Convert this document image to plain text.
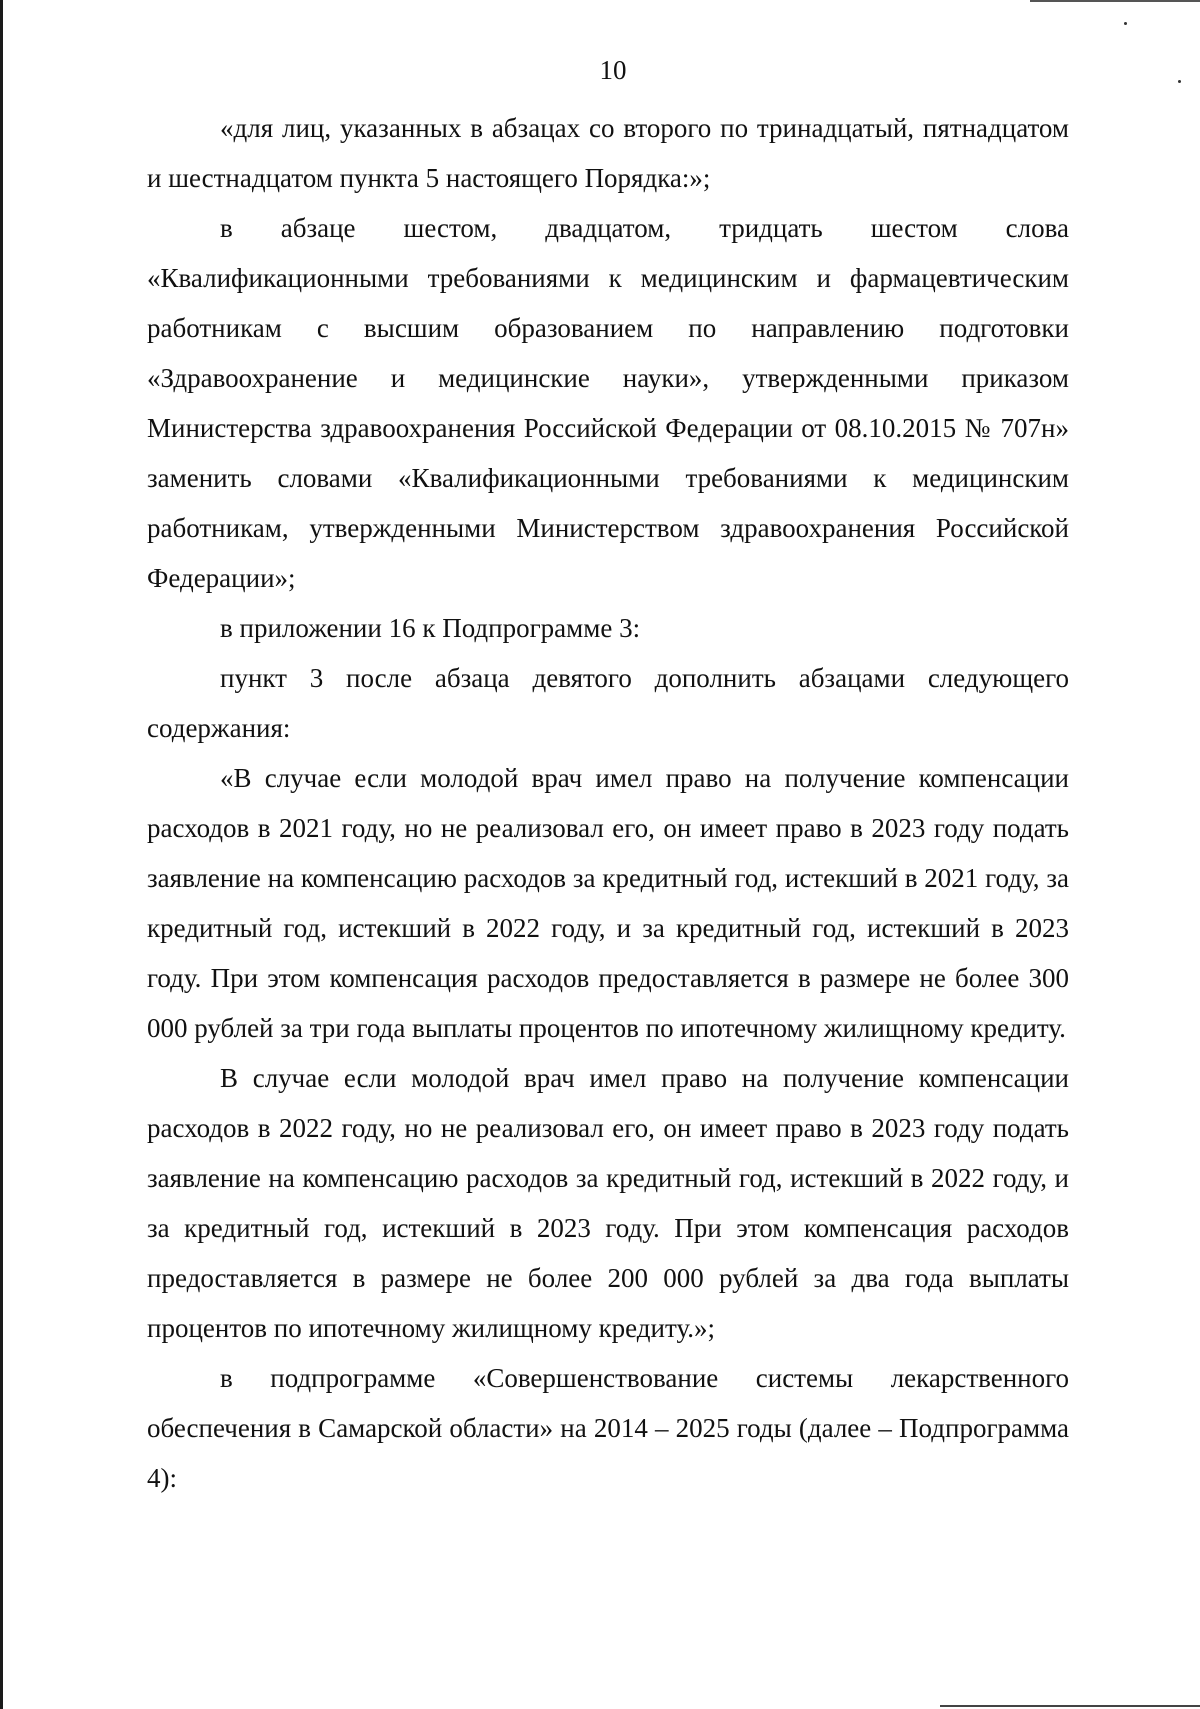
10

«для лиц, указанных в абзацах со второго по тринадцатый, пятнадцатом и шестнадцатом пункта 5 настоящего Порядка:»;

в абзаце шестом, двадцатом, тридцать шестом слова «Квалификационными требованиями к медицинским и фармацевтическим работникам с высшим образованием по направлению подготовки «Здравоохранение и медицинские науки», утвержденными приказом Министерства здравоохранения Российской Федерации от 08.10.2015 № 707н» заменить словами «Квалификационными требованиями к медицинским работникам, утвержденными Министерством здравоохранения Российской Федерации»;

в приложении 16 к Подпрограмме 3:

пункт 3 после абзаца девятого дополнить абзацами следующего содержания:

«В случае если молодой врач имел право на получение компенсации расходов в 2021 году, но не реализовал его, он имеет право в 2023 году подать заявление на компенсацию расходов за кредитный год, истекший в 2021 году, за кредитный год, истекший в 2022 году, и за кредитный год, истекший в 2023 году. При этом компенсация расходов предоставляется в размере не более 300 000 рублей за три года выплаты процентов по ипотечному жилищному кредиту.

В случае если молодой врач имел право на получение компенсации расходов в 2022 году, но не реализовал его, он имеет право в 2023 году подать заявление на компенсацию расходов за кредитный год, истекший в 2022 году, и за кредитный год, истекший в 2023 году. При этом компенсация расходов предоставляется в размере не более 200 000 рублей за два года выплаты процентов по ипотечному жилищному кредиту.»;

в подпрограмме «Совершенствование системы лекарственного обеспечения в Самарской области» на 2014 – 2025 годы (далее – Подпрограмма 4):
